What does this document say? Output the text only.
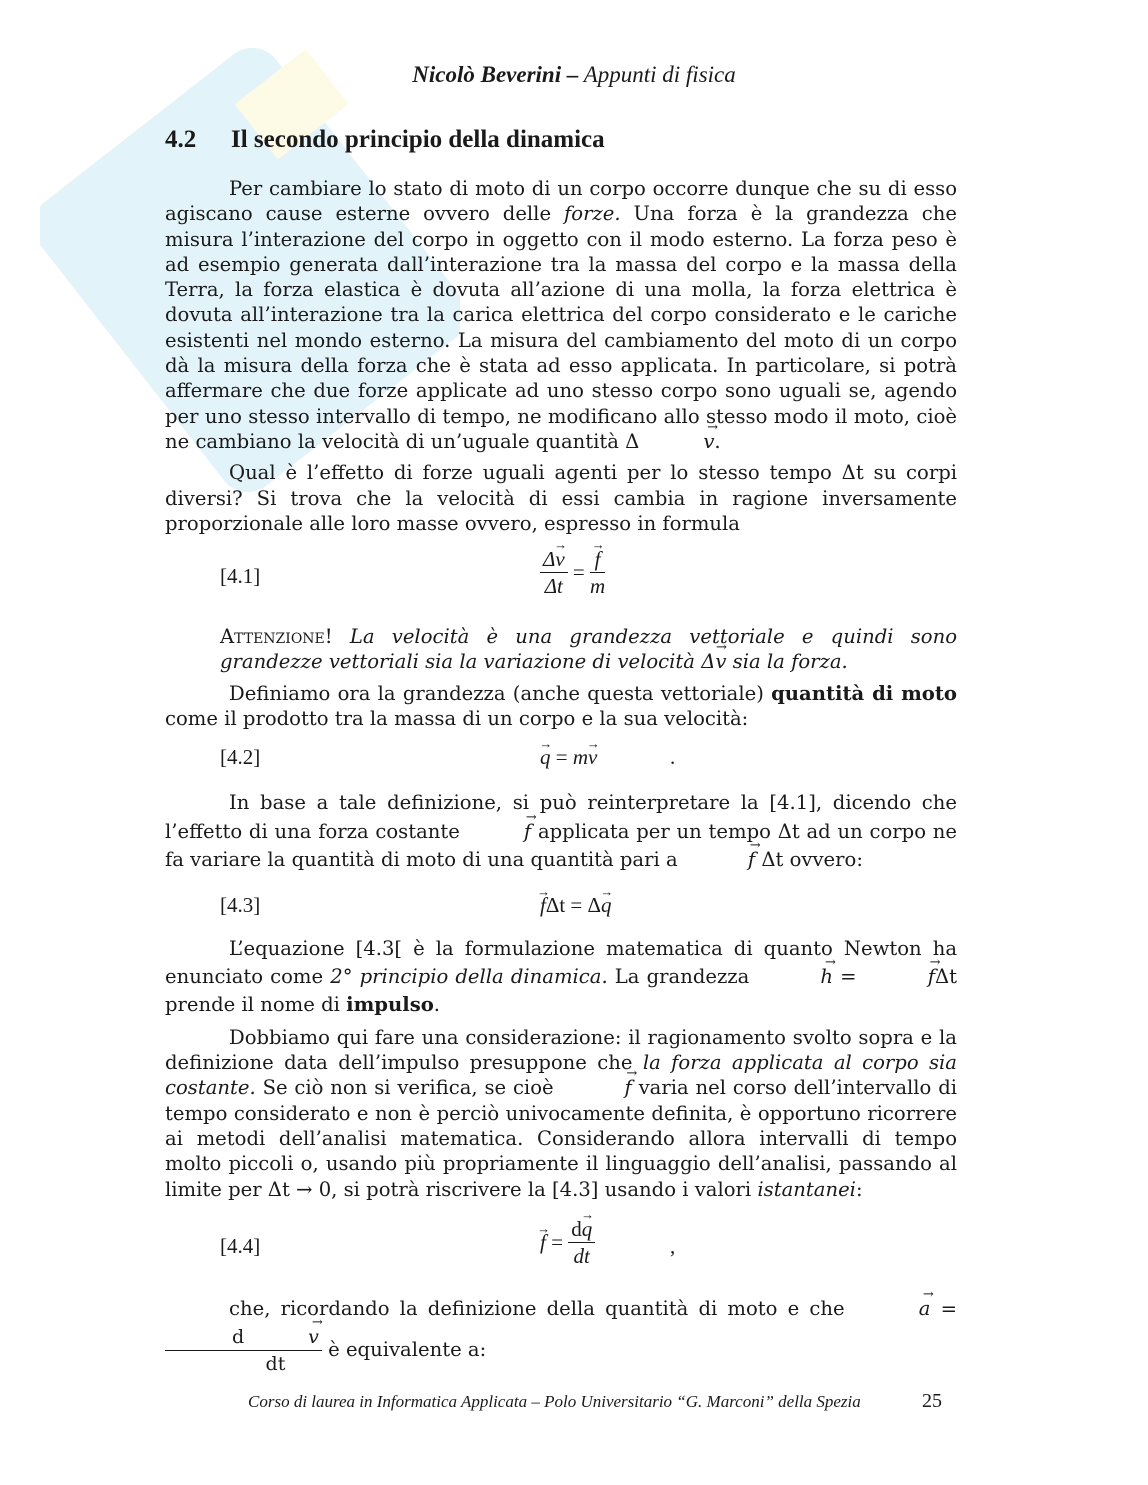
Nicolò Beverini – Appunti di fisica
4.2 Il secondo principio della dinamica

Per cambiare lo stato di moto di un corpo occorre dunque che su di esso agiscano cause esterne ovvero delle forze. Una forza è la grandezza che misura l’interazione del corpo in oggetto con il modo esterno. La forza peso è ad esempio generata dall’interazione tra la massa del corpo e la massa della Terra, la forza elastica è dovuta all’azione di una molla, la forza elettrica è dovuta all’interazione tra la carica elettrica del corpo considerato e le cariche esistenti nel mondo esterno. La misura del cambiamento del moto di un corpo dà la misura della forza che è stata ad esso applicata. In particolare, si potrà affermare che due forze applicate ad uno stesso corpo sono uguali se, agendo per uno stesso intervallo di tempo, ne modificano allo stesso modo il moto, cioè ne cambiano la velocità di un’uguale quantità Δ	→ v.

Qual è l’effetto di forze uguali agenti per lo stesso tempo Δt su corpi diversi? Si trova che la velocità di essi cambia in ragione inversamente proporzionale alle loro masse ovvero, espresso in formula

[4.1]	$\frac{\Delta\to v}{\Delta t}$ = → $\frac{f}{m}$
Attenzione! La velocità è una grandezza vettoriale e quindi sono grandezze vettoriali sia la variazione di velocità Δ→ v sia la forza.

Definiamo ora la grandezza (anche questa vettoriale) quantità di moto come il prodotto tra la massa di un corpo e la sua velocità:

[4.2]	→ q = m→ v	.

In base a tale definizione, si può reinterpretare la [4.1], dicendo che l’effetto di una forza costante	→ f applicata per un tempo Δt ad un corpo ne fa variare la quantità di moto di una quantità pari a	→ f Δt ovvero:

[4.3]	→ fΔt = Δ→ q

L’equazione [4.3[ è la formulazione matematica di quanto Newton ha enunciato come 2° principio della dinamica. La grandezza	→ h =	→ fΔt prende il nome di impulso.

Dobbiamo qui fare una considerazione: il ragionamento svolto sopra e la definizione data dell’impulso presuppone che la forza applicata al corpo sia costante. Se ciò non si verifica, se cioè	→ f varia nel corso dell’intervallo di tempo considerato e non è perciò univocamente definita, è opportuno ricorrere ai metodi dell’analisi matematica. Considerando allora intervalli di tempo molto piccoli o, usando più propriamente il linguaggio dell’analisi, passando al limite per Δt → 0, si potrà riscrivere la [4.3] usando i valori istantanei:

[4.4]	→ $f = \frac{d\to q}{dt}$	,

che, ricordando la definizione della quantità di moto e che	→ a =
d	→ v
dt è equivalente a:

Corso di laurea in Informatica Applicata – Polo Universitario “G. Marconi” della Spezia	25
